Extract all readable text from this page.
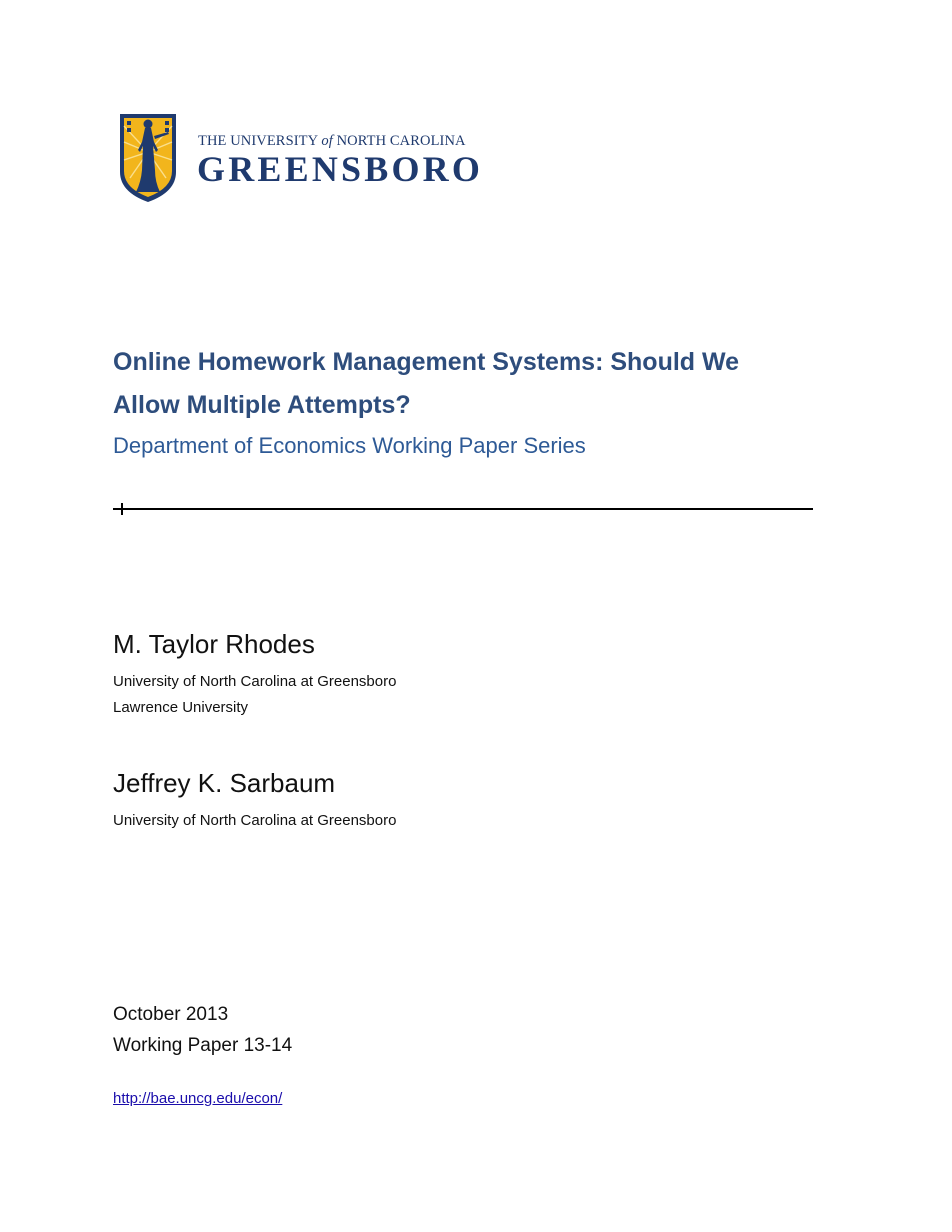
THE UNIVERSITY of NORTH CAROLINA
GREENSBORO
Online Homework Management Systems: Should We
Allow Multiple Attempts?
Department of Economics Working Paper Series
M. Taylor Rhodes
University of North Carolina at Greensboro
Lawrence University
Jeffrey K. Sarbaum
University of North Carolina at Greensboro
October 2013
Working Paper 13-14
http://bae.uncg.edu/econ/
